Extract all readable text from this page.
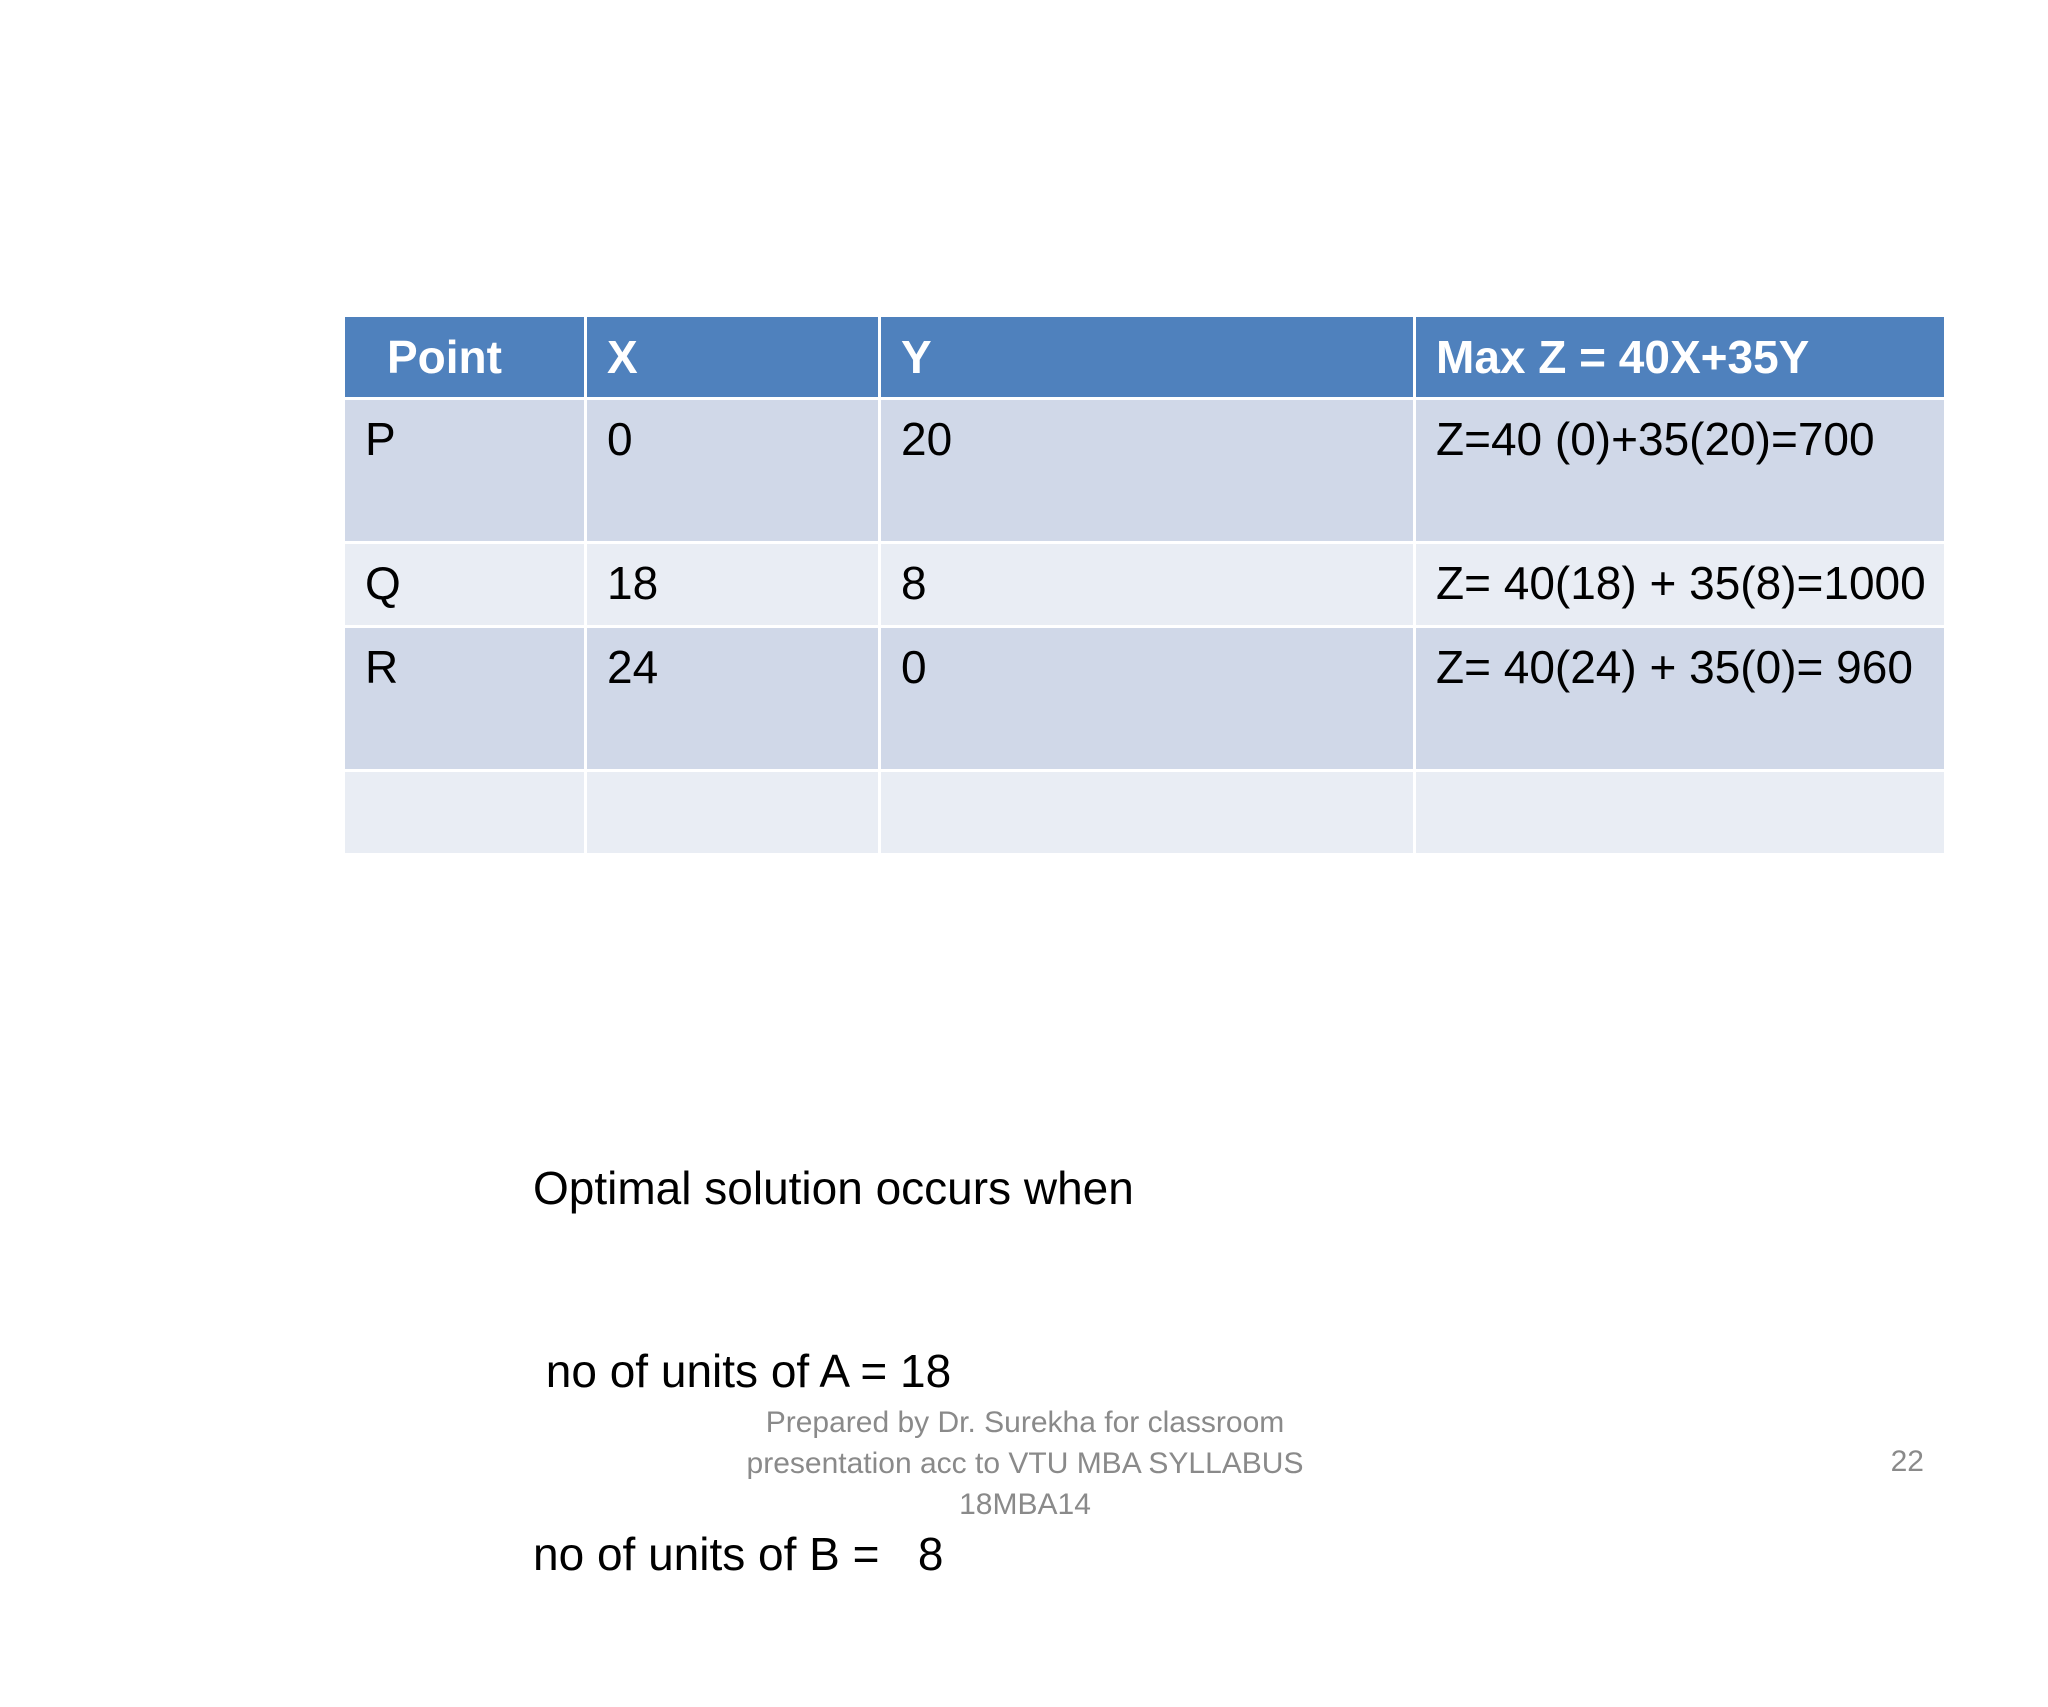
Point	X	Y	Max Z = 40X+35Y
P	0	20	Z=40 (0)+35(20)=700
Q	18	8	Z= 40(18) + 35(8)=1000
R	24	0	Z= 40(24) + 35(0)= 960

Optimal solution occurs when

no of units of A = 18

no of units of B =   8

Prepared by Dr. Surekha for classroom
presentation acc to VTU MBA SYLLABUS
18MBA14
22
